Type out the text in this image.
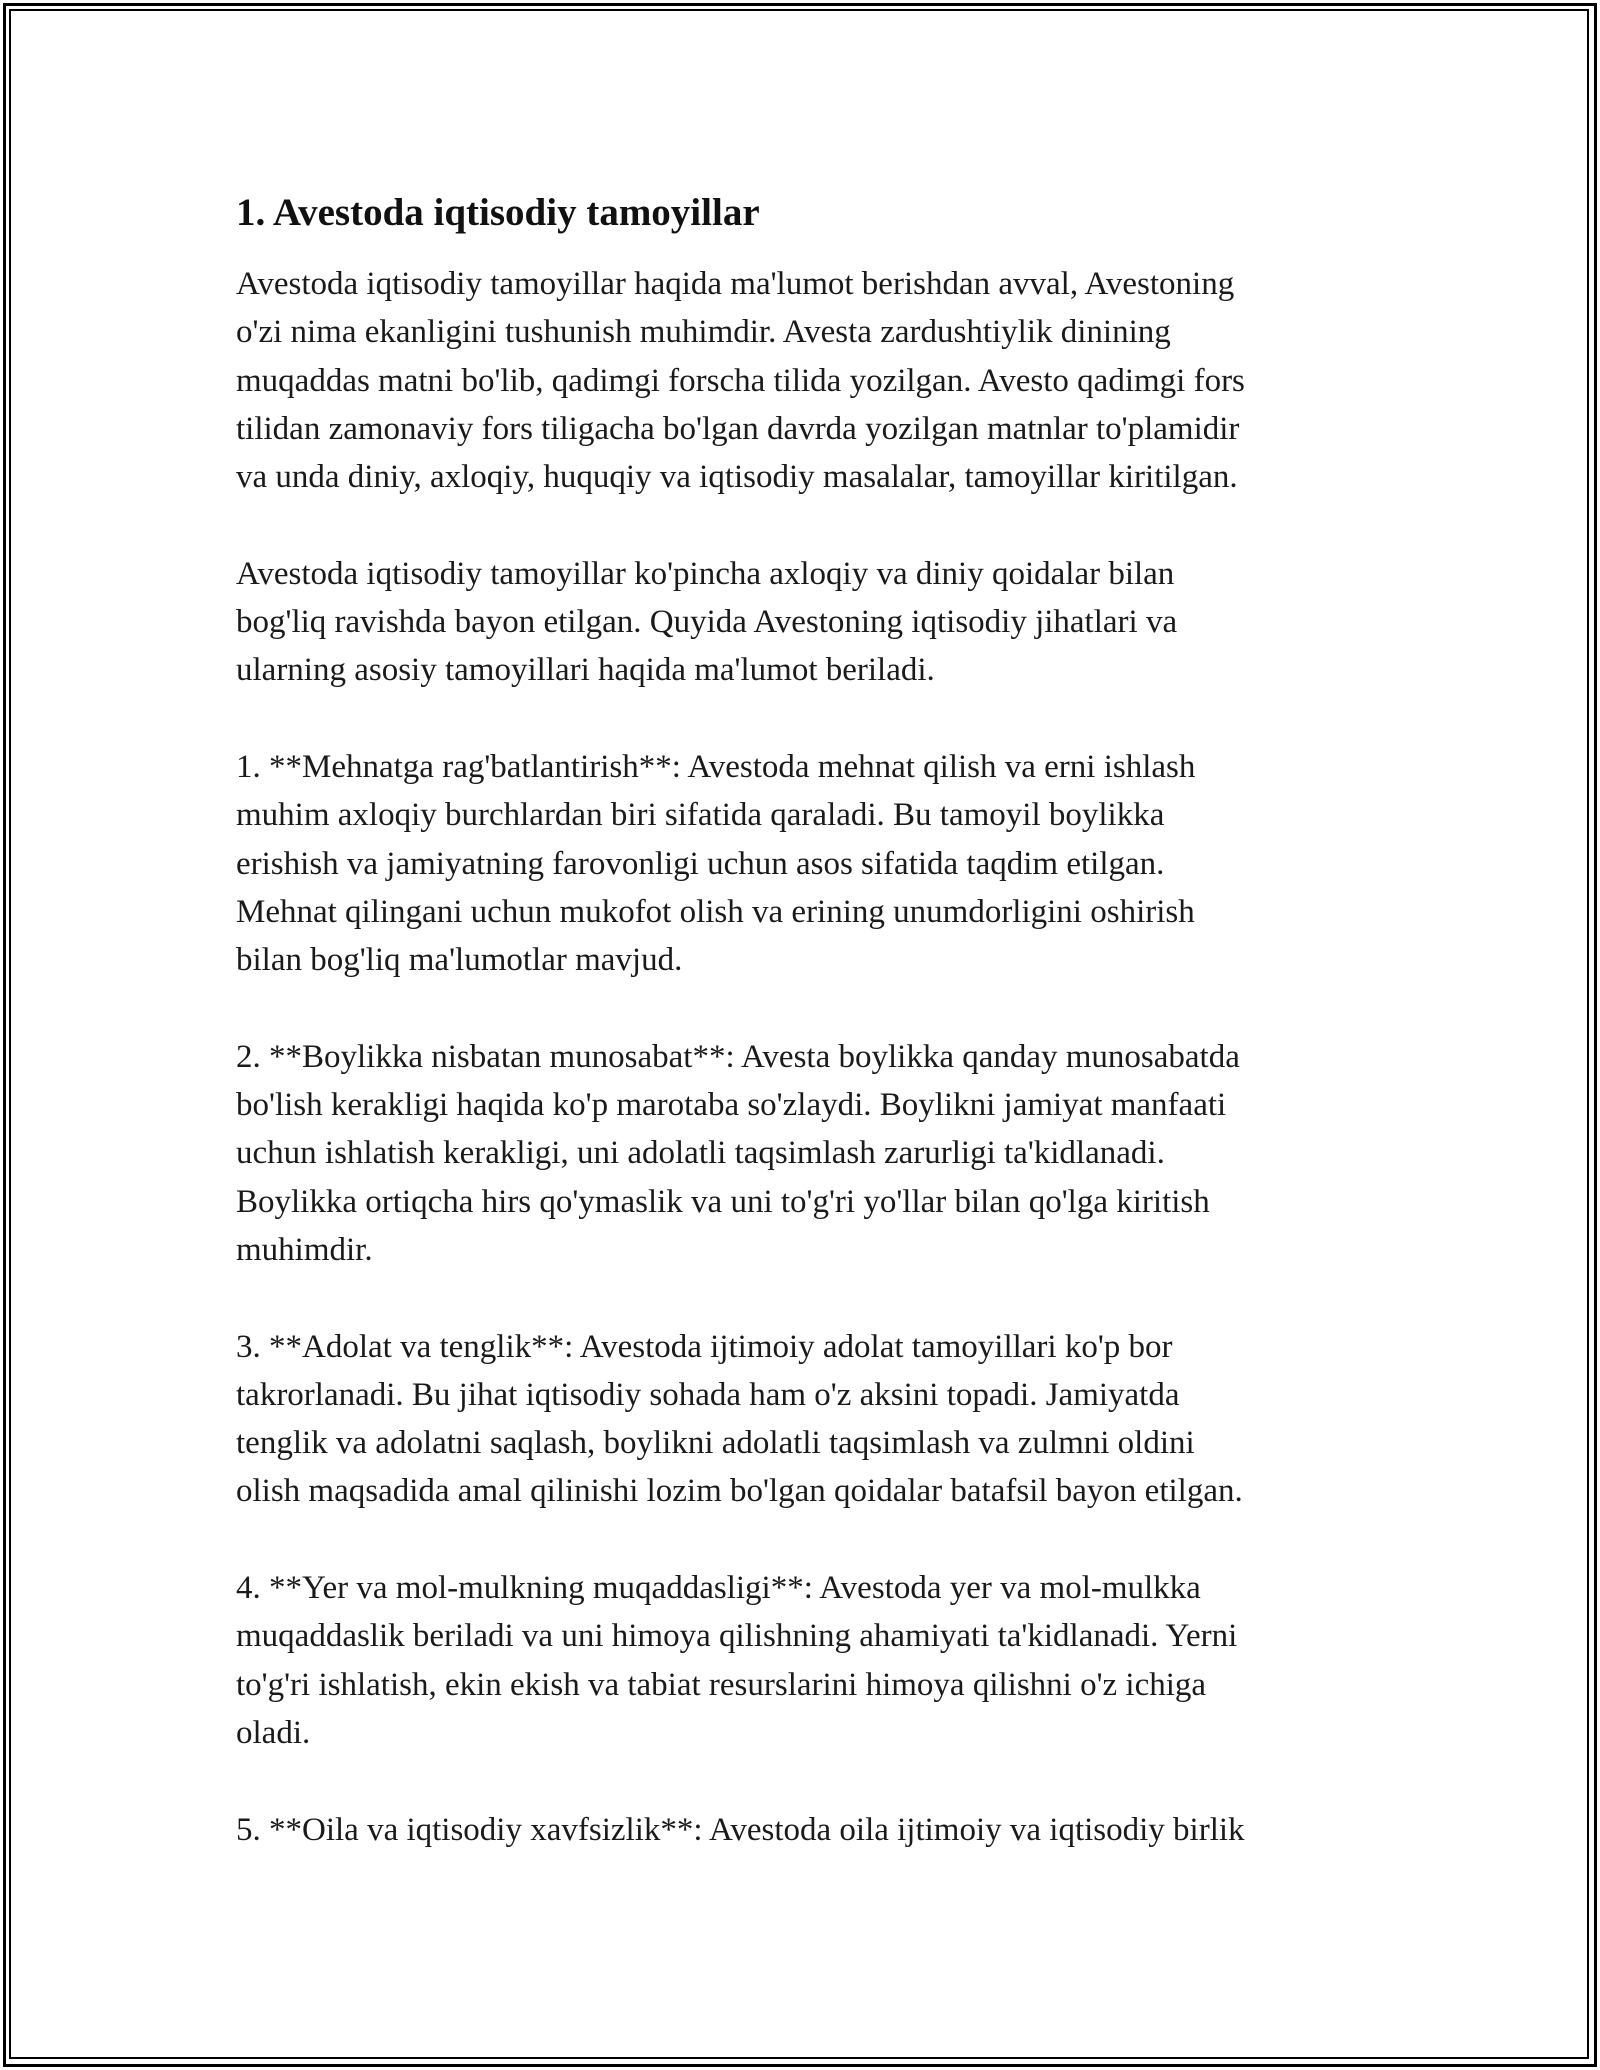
1. Avestoda iqtisodiy tamoyillar

Avestoda iqtisodiy tamoyillar haqida ma'lumot berishdan avval, Avestoning
o'zi nima ekanligini tushunish muhimdir. Avesta zardushtiylik dinining
muqaddas matni bo'lib, qadimgi forscha tilida yozilgan. Avesto qadimgi fors
tilidan zamonaviy fors tiligacha bo'lgan davrda yozilgan matnlar to'plamidir
va unda diniy, axloqiy, huquqiy va iqtisodiy masalalar, tamoyillar kiritilgan.

Avestoda iqtisodiy tamoyillar ko'pincha axloqiy va diniy qoidalar bilan
bog'liq ravishda bayon etilgan. Quyida Avestoning iqtisodiy jihatlari va
ularning asosiy tamoyillari haqida ma'lumot beriladi.

1. **Mehnatga rag'batlantirish**: Avestoda mehnat qilish va erni ishlash
muhim axloqiy burchlardan biri sifatida qaraladi. Bu tamoyil boylikka
erishish va jamiyatning farovonligi uchun asos sifatida taqdim etilgan.
Mehnat qilingani uchun mukofot olish va erining unumdorligini oshirish
bilan bog'liq ma'lumotlar mavjud.

2. **Boylikka nisbatan munosabat**: Avesta boylikka qanday munosabatda
bo'lish kerakligi haqida ko'p marotaba so'zlaydi. Boylikni jamiyat manfaati
uchun ishlatish kerakligi, uni adolatli taqsimlash zarurligi ta'kidlanadi.
Boylikka ortiqcha hirs qo'ymaslik va uni to'g'ri yo'llar bilan qo'lga kiritish
muhimdir.

3. **Adolat va tenglik**: Avestoda ijtimoiy adolat tamoyillari ko'p bor
takrorlanadi. Bu jihat iqtisodiy sohada ham o'z aksini topadi. Jamiyatda
tenglik va adolatni saqlash, boylikni adolatli taqsimlash va zulmni oldini
olish maqsadida amal qilinishi lozim bo'lgan qoidalar batafsil bayon etilgan.

4. **Yer va mol-mulkning muqaddasligi**: Avestoda yer va mol-mulkka
muqaddaslik beriladi va uni himoya qilishning ahamiyati ta'kidlanadi. Yerni
to'g'ri ishlatish, ekin ekish va tabiat resurslarini himoya qilishni o'z ichiga
oladi.

5. **Oila va iqtisodiy xavfsizlik**: Avestoda oila ijtimoiy va iqtisodiy birlik
